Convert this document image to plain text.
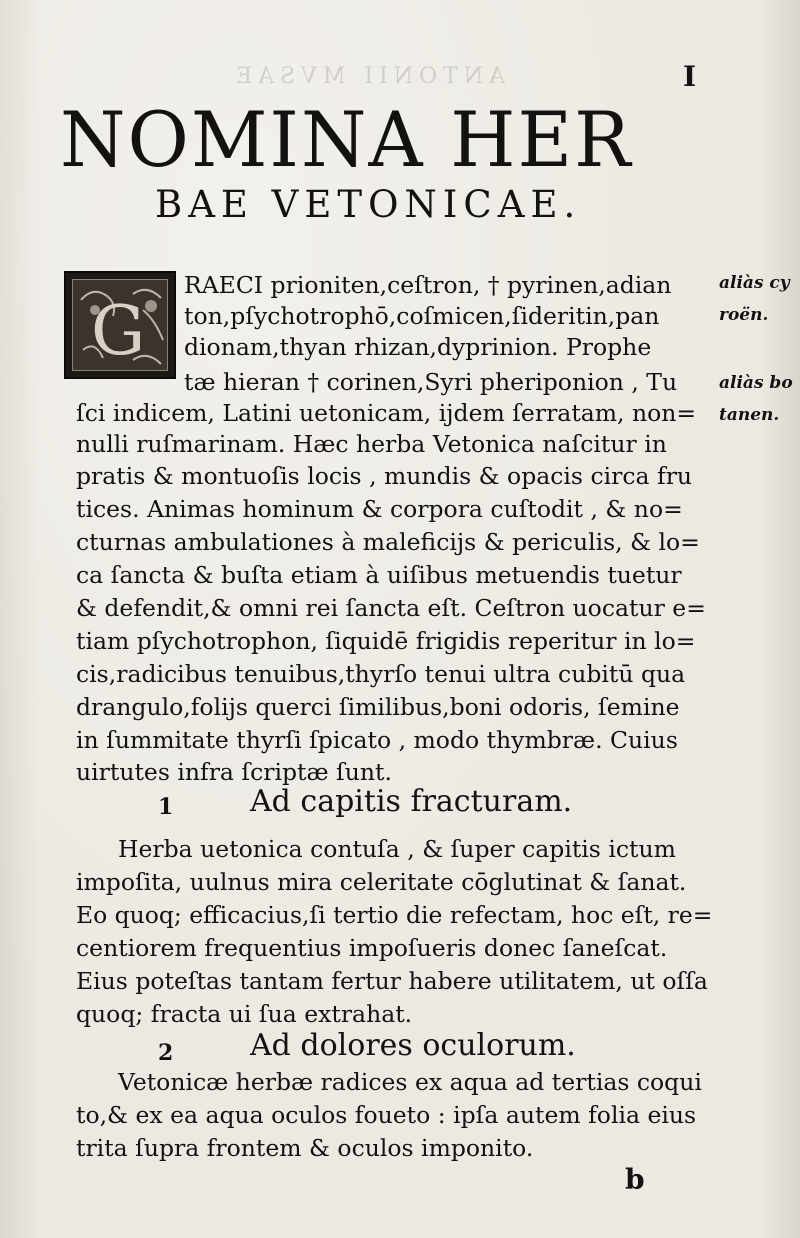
ANTONII MVSAE	I
NOMINA HER
BAE VETONICAE.
G
RAECI prioniten,ceſtron, † pyrinen,adian
ton,pſychotrophō,coſmicen,ſideritin,pan
dionam,thyan rhizan,dyprinion. Prophe
tæ hieran † corinen,Syri pheriponion , Tu
ſci indicem, Latini uetonicam, ijdem ſerratam, non=
nulli ruſmarinam. Hæc herba Vetonica naſcitur in
pratis & montuoſis locis , mundis & opacis circa fru
tices. Animas hominum & corpora cuſtodit , & no=
cturnas ambulationes à maleficijs & periculis, & lo=
ca ſancta & buſta etiam à uiſibus metuendis tuetur
& defendit,& omni rei ſancta eſt. Ceſtron uocatur e=
tiam pſychotrophon, ſiquidē frigidis reperitur in lo=
cis,radicibus tenuibus,thyrſo tenui ultra cubitū qua
drangulo,folijs querci ſimilibus,boni odoris, ſemine
in ſummitate thyrſi ſpicato , modo thymbræ. Cuius
uirtutes infra ſcriptæ ſunt.
1	Ad capitis fracturam.
Herba uetonica contuſa , & ſuper capitis ictum
impoſita, uulnus mira celeritate cōglutinat & ſanat.
Eo quoq; efficacius,ſi tertio die refectam, hoc eſt, re=
centiorem frequentius impoſueris donec ſaneſcat.
Eius poteſtas tantam fertur habere utilitatem, ut oſſa
quoq; fracta ui ſua extrahat.
2	Ad dolores oculorum.
Vetonicæ herbæ radices ex aqua ad tertias coqui
to,& ex ea aqua oculos foueto : ipſa autem folia eius
trita ſupra frontem & oculos imponito.
aliàs cy
roën.
aliàs bo
tanen.
b
